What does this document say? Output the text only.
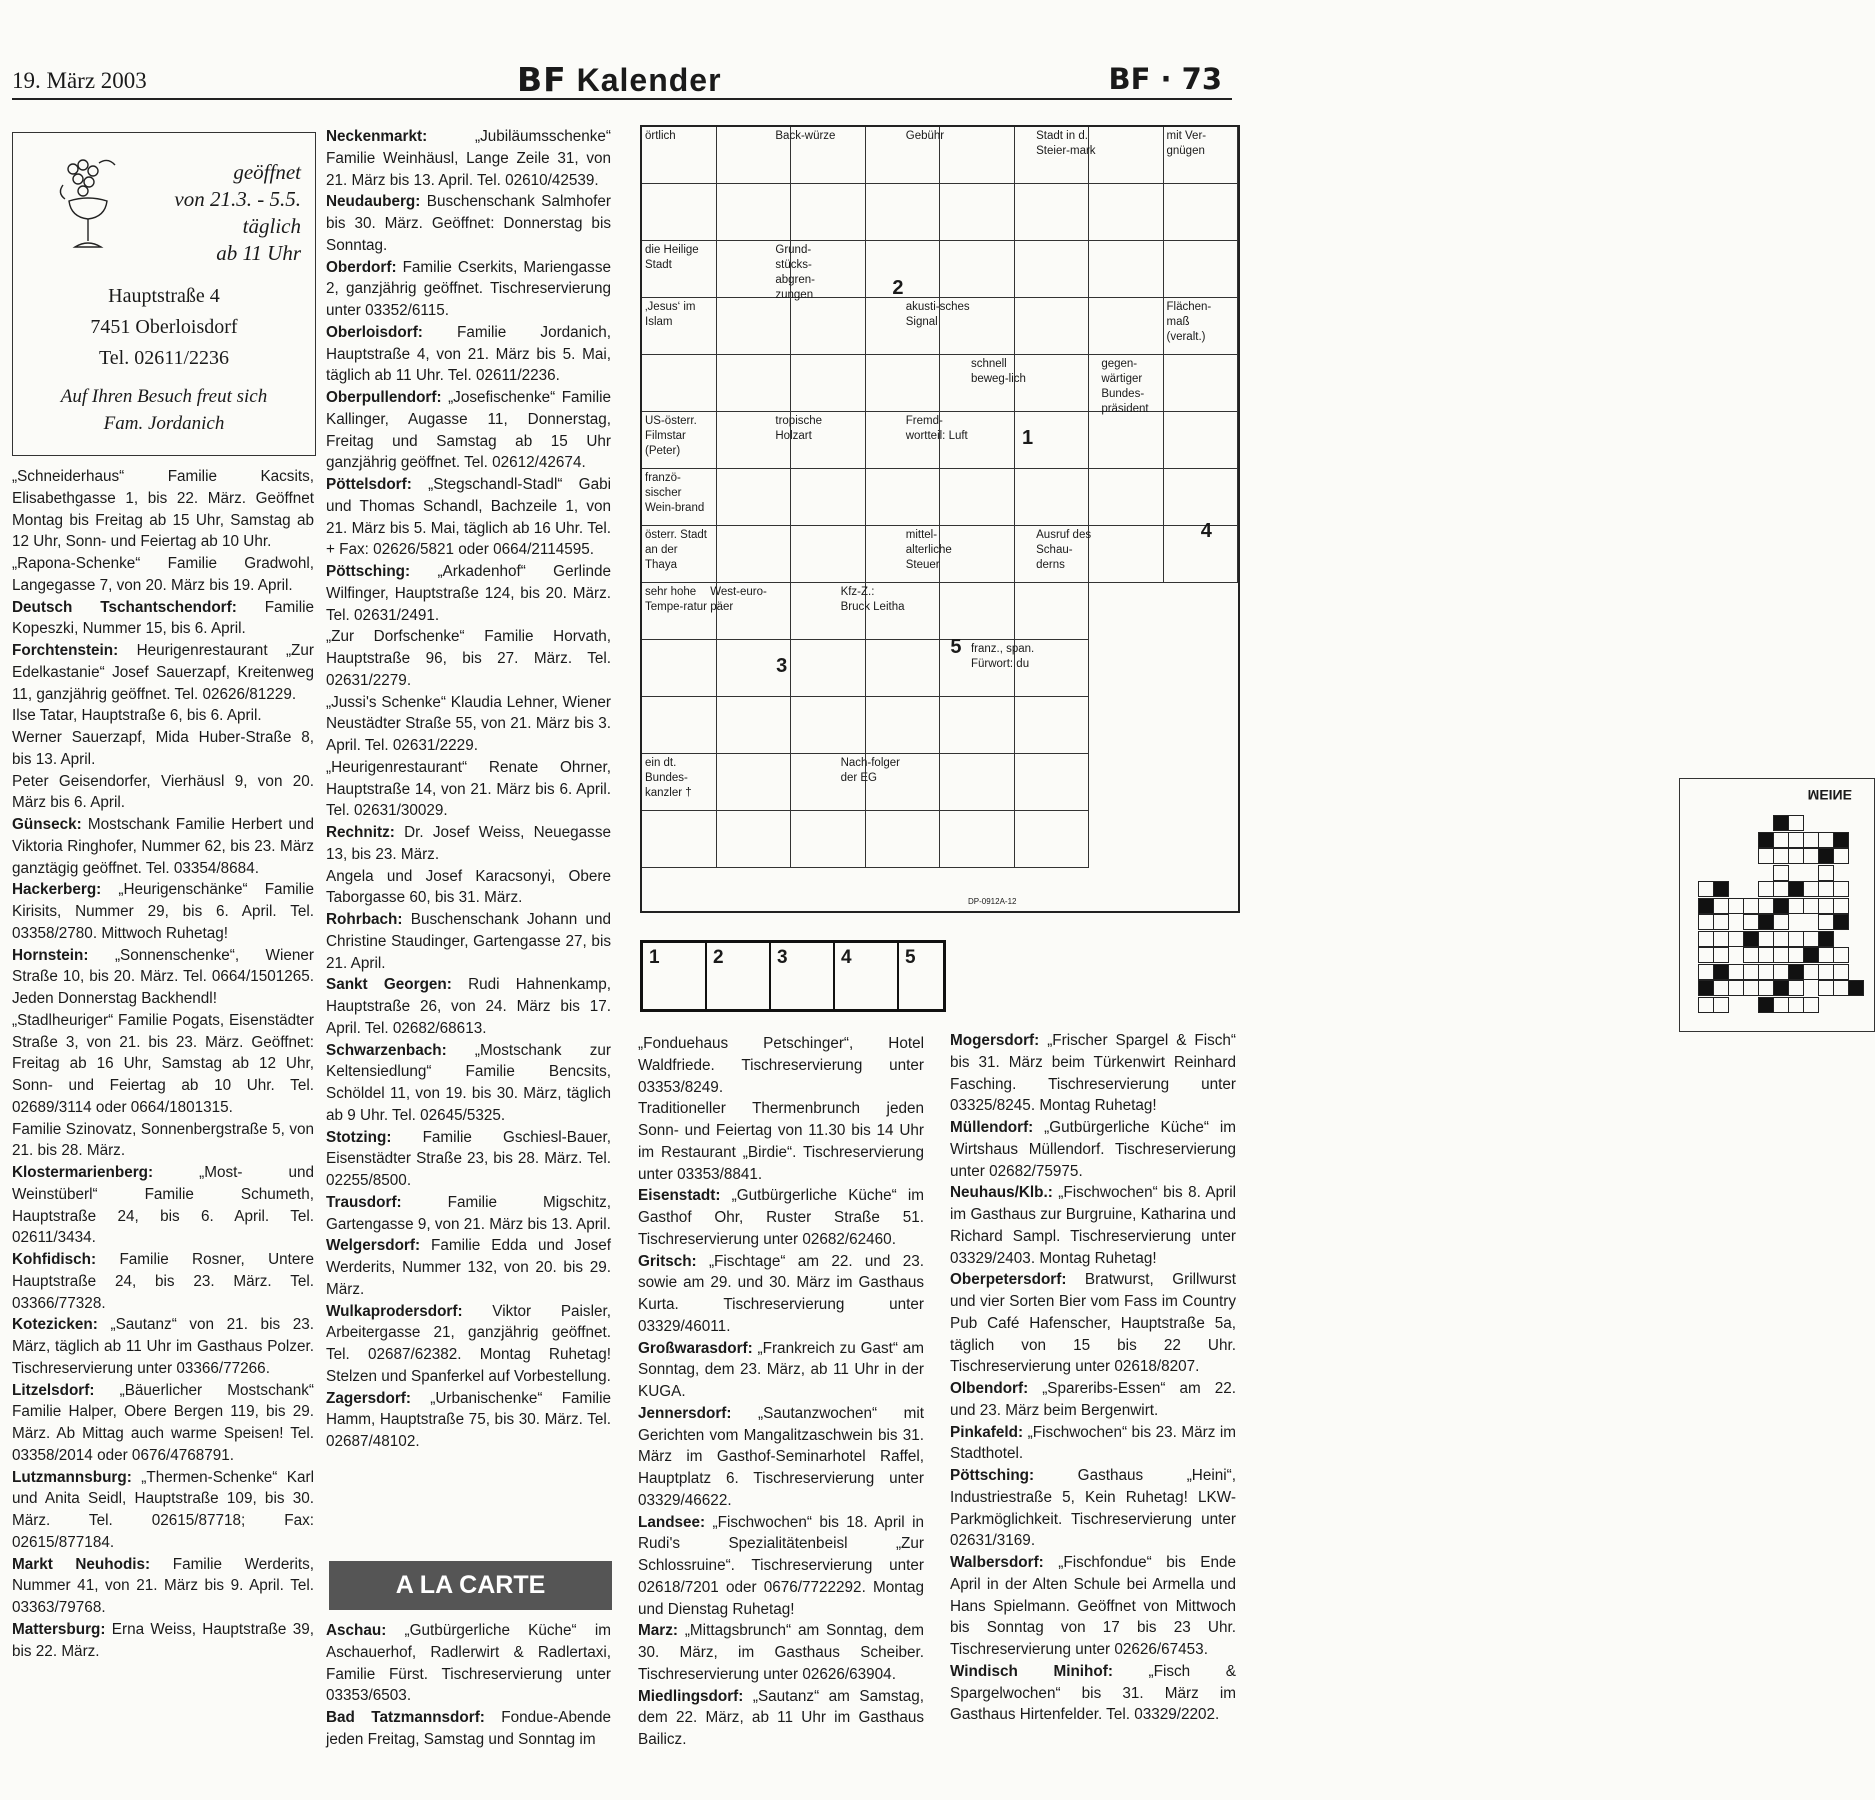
19. März 2003	BF Kalender	BF · 73
geöffnet
von 21.3. - 5.5.
täglich
ab 11 Uhr
Hauptstraße 4
7451 Oberloisdorf
Tel. 02611/2236
Auf Ihren Besuch freut sich
Fam. Jordanich

„Schneiderhaus“ Familie Kacsits, Elisabethgasse 1, bis 22. März. Geöffnet Montag bis Freitag ab 15 Uhr, Samstag ab 12 Uhr, Sonn- und Feiertag ab 10 Uhr.

„Rapona-Schenke“ Familie Gradwohl, Langegasse 7, von 20. März bis 19. April.

Deutsch Tschantschendorf: Familie Kopeszki, Nummer 15, bis 6. April.

Forchtenstein: Heurigenrestaurant „Zur Edelkastanie“ Josef Sauerzapf, Kreitenweg 11, ganzjährig geöffnet. Tel. 02626/81229.

Ilse Tatar, Hauptstraße 6, bis 6. April.

Werner Sauerzapf, Mida Huber-Straße 8, bis 13. April.

Peter Geisendorfer, Vierhäusl 9, von 20. März bis 6. April.

Günseck: Mostschank Familie Herbert und Viktoria Ringhofer, Nummer 62, bis 23. März ganztägig geöffnet. Tel. 03354/8684.

Hackerberg: „Heurigenschänke“ Familie Kirisits, Nummer 29, bis 6. April. Tel. 03358/2780. Mittwoch Ruhetag!

Hornstein: „Sonnenschenke“, Wiener Straße 10, bis 20. März. Tel. 0664/1501265. Jeden Donnerstag Backhendl!

„Stadlheuriger“ Familie Pogats, Eisenstädter Straße 3, von 21. bis 23. März. Geöffnet: Freitag ab 16 Uhr, Samstag ab 12 Uhr, Sonn- und Feiertag ab 10 Uhr. Tel. 02689/3114 oder 0664/1801315.

Familie Szinovatz, Sonnenbergstraße 5, von 21. bis 28. März.

Klostermarienberg: „Most- und Weinstüberl“ Familie Schumeth, Hauptstraße 24, bis 6. April. Tel. 02611/3434.

Kohfidisch: Familie Rosner, Untere Hauptstraße 24, bis 23. März. Tel. 03366/77328.

Kotezicken: „Sautanz“ von 21. bis 23. März, täglich ab 11 Uhr im Gasthaus Polzer. Tischreservierung unter 03366/77266.

Litzelsdorf: „Bäuerlicher Mostschank“ Familie Halper, Obere Bergen 119, bis 29. März. Ab Mittag auch warme Speisen! Tel. 03358/2014 oder 0676/4768791.

Lutzmannsburg: „Thermen-Schenke“ Karl und Anita Seidl, Hauptstraße 109, bis 30. März. Tel. 02615/87718; Fax: 02615/877184.

Markt Neuhodis: Familie Werderits, Nummer 41, von 21. März bis 9. April. Tel. 03363/79768.

Mattersburg: Erna Weiss, Hauptstraße 39, bis 22. März.

Neckenmarkt: „Jubiläumsschenke“ Familie Weinhäusl, Lange Zeile 31, von 21. März bis 13. April. Tel. 02610/42539.

Neudauberg: Buschenschank Salmhofer bis 30. März. Geöffnet: Donnerstag bis Sonntag.

Oberdorf: Familie Cserkits, Mariengasse 2, ganzjährig geöffnet. Tischreservierung unter 03352/6115.

Oberloisdorf: Familie Jordanich, Hauptstraße 4, von 21. März bis 5. Mai, täglich ab 11 Uhr. Tel. 02611/2236.

Oberpullendorf: „Josefischenke“ Familie Kallinger, Augasse 11, Donnerstag, Freitag und Samstag ab 15 Uhr ganzjährig geöffnet. Tel. 02612/42674.

Pöttelsdorf: „Stegschandl-Stadl“ Gabi und Thomas Schandl, Bachzeile 1, von 21. März bis 5. Mai, täglich ab 16 Uhr. Tel. + Fax: 02626/5821 oder 0664/2114595.

Pöttsching: „Arkadenhof“ Gerlinde Wilfinger, Hauptstraße 124, bis 20. März. Tel. 02631/2491.

„Zur Dorfschenke“ Familie Horvath, Hauptstraße 96, bis 27. März. Tel. 02631/2279.

„Jussi's Schenke“ Klaudia Lehner, Wiener Neustädter Straße 55, von 21. März bis 3. April. Tel. 02631/2229.

„Heurigenrestaurant“ Renate Ohrner, Hauptstraße 14, von 21. März bis 6. April. Tel. 02631/30029.

Rechnitz: Dr. Josef Weiss, Neuegasse 13, bis 23. März.

Angela und Josef Karacsonyi, Obere Taborgasse 60, bis 31. März.

Rohrbach: Buschenschank Johann und Christine Staudinger, Gartengasse 27, bis 21. April.

Sankt Georgen: Rudi Hahnenkamp, Hauptstraße 26, von 24. März bis 17. April. Tel. 02682/68613.

Schwarzenbach: „Mostschank zur Keltensiedlung“ Familie Bencsits, Schöldel 11, von 19. bis 30. März, täglich ab 9 Uhr. Tel. 02645/5325.

Stotzing: Familie Gschiesl-Bauer, Eisenstädter Straße 23, bis 28. März. Tel. 02255/8500.

Trausdorf: Familie Migschitz, Gartengasse 9, von 21. März bis 13. April.

Welgersdorf: Familie Edda und Josef Werderits, Nummer 132, von 20. bis 29. März.

Wulkaprodersdorf: Viktor Paisler, Arbeitergasse 21, ganzjährig geöffnet. Tel. 02687/62382. Montag Ruhetag! Stelzen und Spanferkel auf Vorbestellung.

Zagersdorf: „Urbanischenke“ Familie Hamm, Hauptstraße 75, bis 30. März. Tel. 02687/48102.

A LA CARTE

Aschau: „Gutbürgerliche Küche“ im Aschauerhof, Radlerwirt & Radlertaxi, Familie Fürst. Tischreservierung unter 03353/6503.

Bad Tatzmannsdorf: Fondue-Abende jeden Freitag, Samstag und Sonntag im

„Fonduehaus Petschinger“, Hotel Waldfriede. Tischreservierung unter 03353/8249.

Traditioneller Thermenbrunch jeden Sonn- und Feiertag von 11.30 bis 14 Uhr im Restaurant „Birdie“. Tischreservierung unter 03353/8841.

Eisenstadt: „Gutbürgerliche Küche“ im Gasthof Ohr, Ruster Straße 51. Tischreservierung unter 02682/62460.

Gritsch: „Fischtage“ am 22. und 23. sowie am 29. und 30. März im Gasthaus Kurta. Tischreservierung unter 03329/46011.

Großwarasdorf: „Frankreich zu Gast“ am Sonntag, dem 23. März, ab 11 Uhr in der KUGA.

Jennersdorf: „Sautanzwochen“ mit Gerichten vom Mangalitzaschwein bis 31. März im Gasthof-Seminarhotel Raffel, Hauptplatz 6. Tischreservierung unter 03329/46622.

Landsee: „Fischwochen“ bis 18. April in Rudi's Spezialitätenbeisl „Zur Schlossruine“. Tischreservierung unter 02618/7201 oder 0676/7722292. Montag und Dienstag Ruhetag!

Marz: „Mittagsbrunch“ am Sonntag, dem 30. März, im Gasthaus Scheiber. Tischreservierung unter 02626/63904.

Miedlingsdorf: „Sautanz“ am Samstag, dem 22. März, ab 11 Uhr im Gasthaus Bailicz.

Mogersdorf: „Frischer Spargel & Fisch“ bis 31. März beim Türkenwirt Reinhard Fasching. Tischreservierung unter 03325/8245. Montag Ruhetag!

Müllendorf: „Gutbürgerliche Küche“ im Wirtshaus Müllendorf. Tischreservierung unter 02682/75975.

Neuhaus/Klb.: „Fischwochen“ bis 8. April im Gasthaus zur Burgruine, Katharina und Richard Sampl. Tischreservierung unter 03329/2403. Montag Ruhetag!

Oberpetersdorf: Bratwurst, Grillwurst und vier Sorten Bier vom Fass im Country Pub Café Hafenscher, Hauptstraße 5a, täglich von 15 bis 22 Uhr. Tischreservierung unter 02618/8207.

Olbendorf: „Spareribs-Essen“ am 22. und 23. März beim Bergenwirt.

Pinkafeld: „Fischwochen“ bis 23. März im Stadthotel.

Pöttsching: Gasthaus „Heini“, Industriestraße 5, Kein Ruhetag! LKW-Parkmöglichkeit. Tischreservierung unter 02631/3169.

Walbersdorf: „Fischfondue“ bis Ende April in der Alten Schule bei Armella und Hans Spielmann. Geöffnet von Mittwoch bis Sonntag von 17 bis 23 Uhr. Tischreservierung unter 02626/67453.

Windisch Minihof: „Fisch & Spargelwochen“ bis 31. März im Gasthaus Hirtenfelder. Tel. 03329/2202.

MEINE
örtlich	Back-würze	Gebühr	Stadt in d. Steier-mark
mit Ver-gnügen
die Heilige Stadt
Grund-stücks-abgren-zungen
‚Jesus‘ im Islam
akusti-sches Signal
Flächen-maß (veralt.)
schnell beweg-lich
gegen-wärtiger Bundes-präsident
US-österr. Filmstar (Peter)
tropische Holzart
Fremd-wortteil: Luft
franzö-sischer Wein-brand
österr. Stadt an der Thaya
mittel-alterliche Steuer
Ausruf des Schau-derns
sehr hohe Tempe-ratur
West-euro-päer
Kfz-Z.: Bruck Leitha
franz., span. Fürwort: du
ein dt. Bundes-kanzler †
Nach-folger der EG
1
2
3
4
5
DP-0912A-12
1	2	3	4	5
